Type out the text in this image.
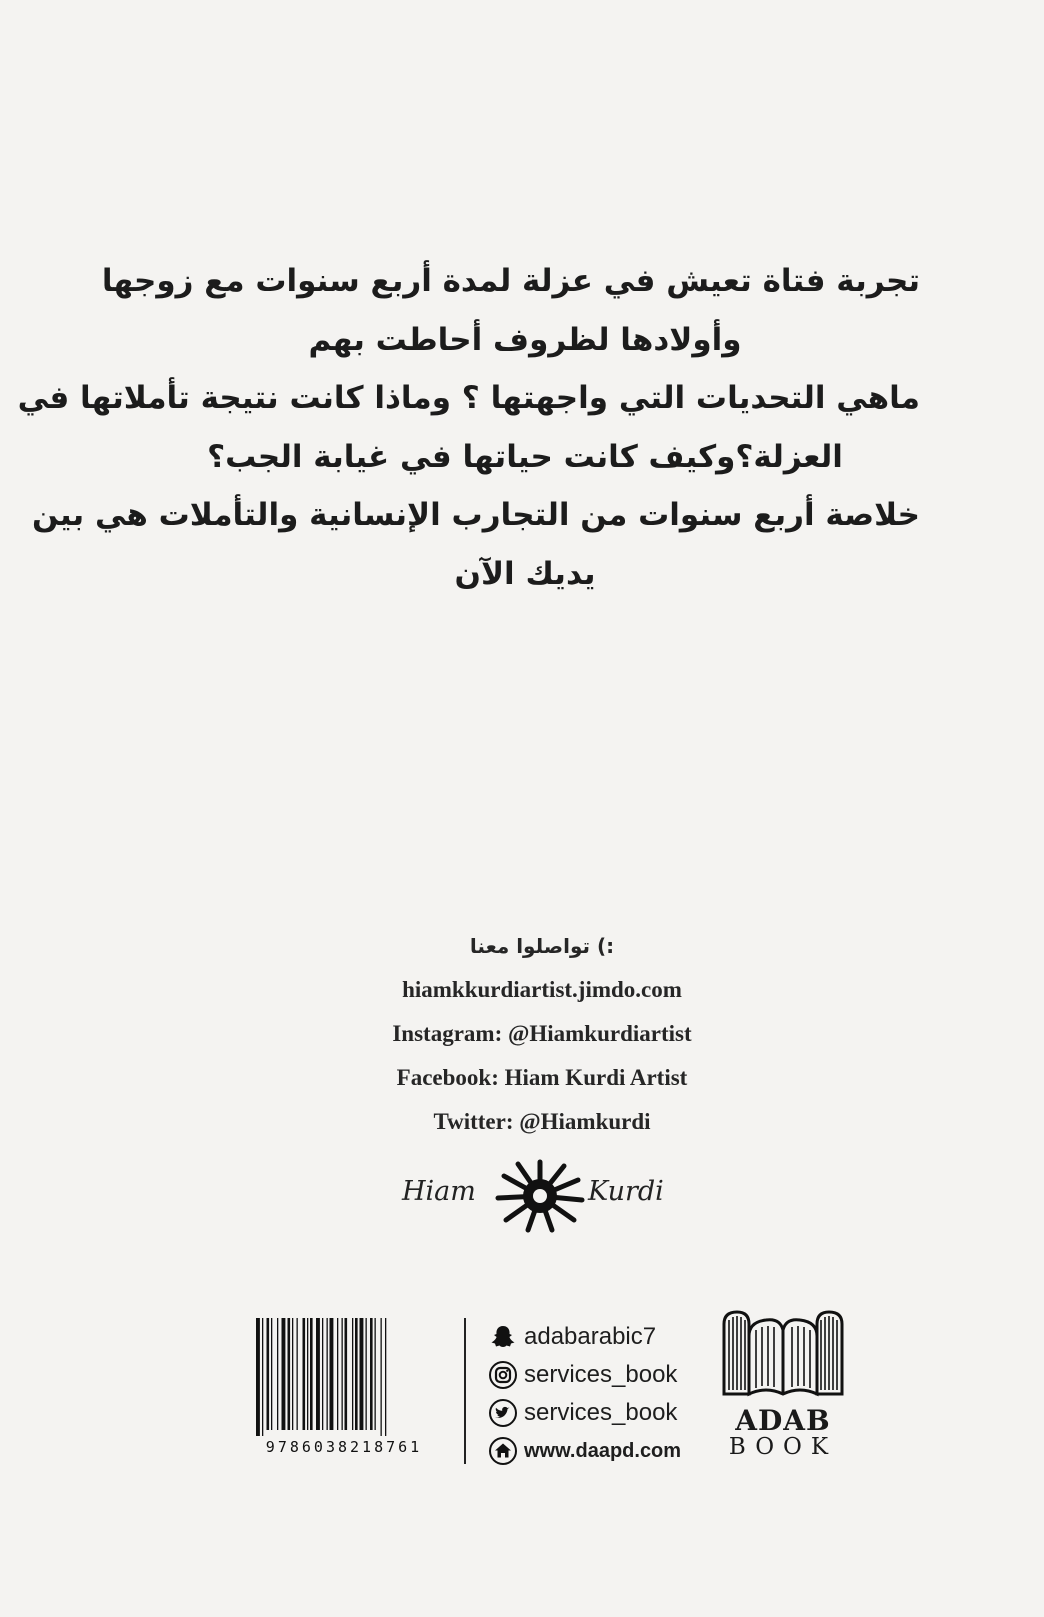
تجربة فتاة تعيش في عزلة لمدة أربع سنوات مع زوجها
وأولادها لظروف أحاطت بهم
ماهي التحديات التي واجهتها ؟ وماذا كانت نتيجة تأملاتها في
العزلة؟وكيف كانت حياتها في غيابة الجب؟
خلاصة أربع سنوات من التجارب الإنسانية والتأملات هي بين
يديك الآن
:) تواصلوا معنا
hiamkkurdiartist.jimdo.com
Instagram: @Hiamkurdiartist
Facebook: Hiam Kurdi Artist
Twitter: @Hiamkurdi
Hiam	Kurdi
9786038218761
adabarabic7
services_book
services_book
www.daapd.com
ADAB
BOOK
